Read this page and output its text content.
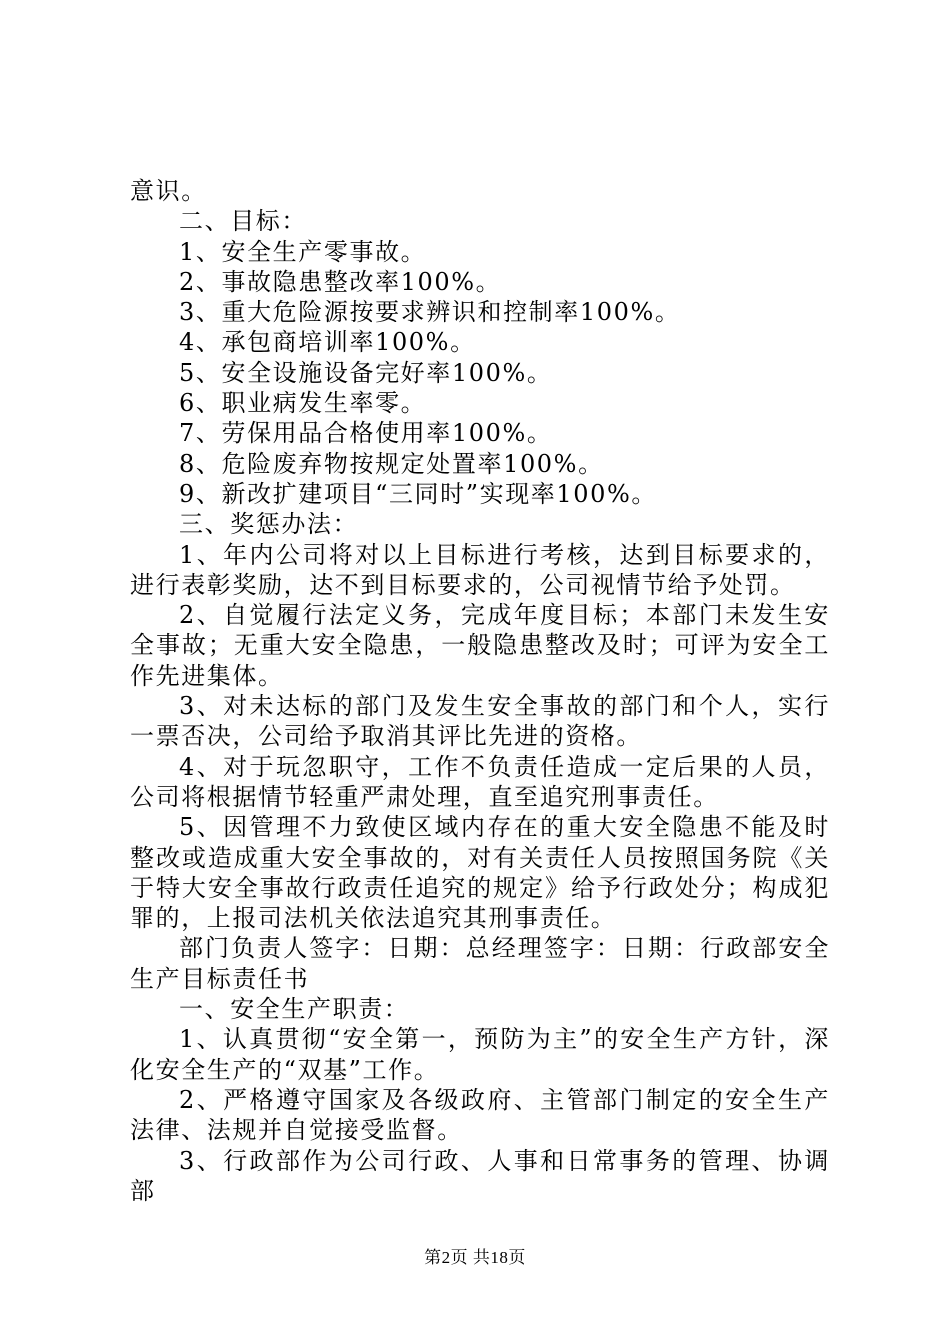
意识。

二、目标：

1、安全生产零事故。

2、事故隐患整改率100%。

3、重大危险源按要求辨识和控制率100%。

4、承包商培训率100%。

5、安全设施设备完好率100%。

6、职业病发生率零。

7、劳保用品合格使用率100%。

8、危险废弃物按规定处置率100%。

9、新改扩建项目“三同时”实现率100%。

三、奖惩办法：

1、年内公司将对以上目标进行考核，达到目标要求的，进行表彰奖励，达不到目标要求的，公司视情节给予处罚。

2、自觉履行法定义务，完成年度目标；本部门未发生安全事故；无重大安全隐患，一般隐患整改及时；可评为安全工作先进集体。

3、对未达标的部门及发生安全事故的部门和个人，实行一票否决，公司给予取消其评比先进的资格。

4、对于玩忽职守，工作不负责任造成一定后果的人员，公司将根据情节轻重严肃处理，直至追究刑事责任。

5、因管理不力致使区域内存在的重大安全隐患不能及时整改或造成重大安全事故的，对有关责任人员按照国务院《关于特大安全事故行政责任追究的规定》给予行政处分；构成犯罪的，上报司法机关依法追究其刑事责任。

部门负责人签字：日期：总经理签字：日期：行政部安全生产目标责任书

一、安全生产职责：

1、认真贯彻“安全第一，预防为主”的安全生产方针，深化安全生产的“双基”工作。

2、严格遵守国家及各级政府、主管部门制定的安全生产法律、法规并自觉接受监督。

3、行政部作为公司行政、人事和日常事务的管理、协调部

第2页 共18页
